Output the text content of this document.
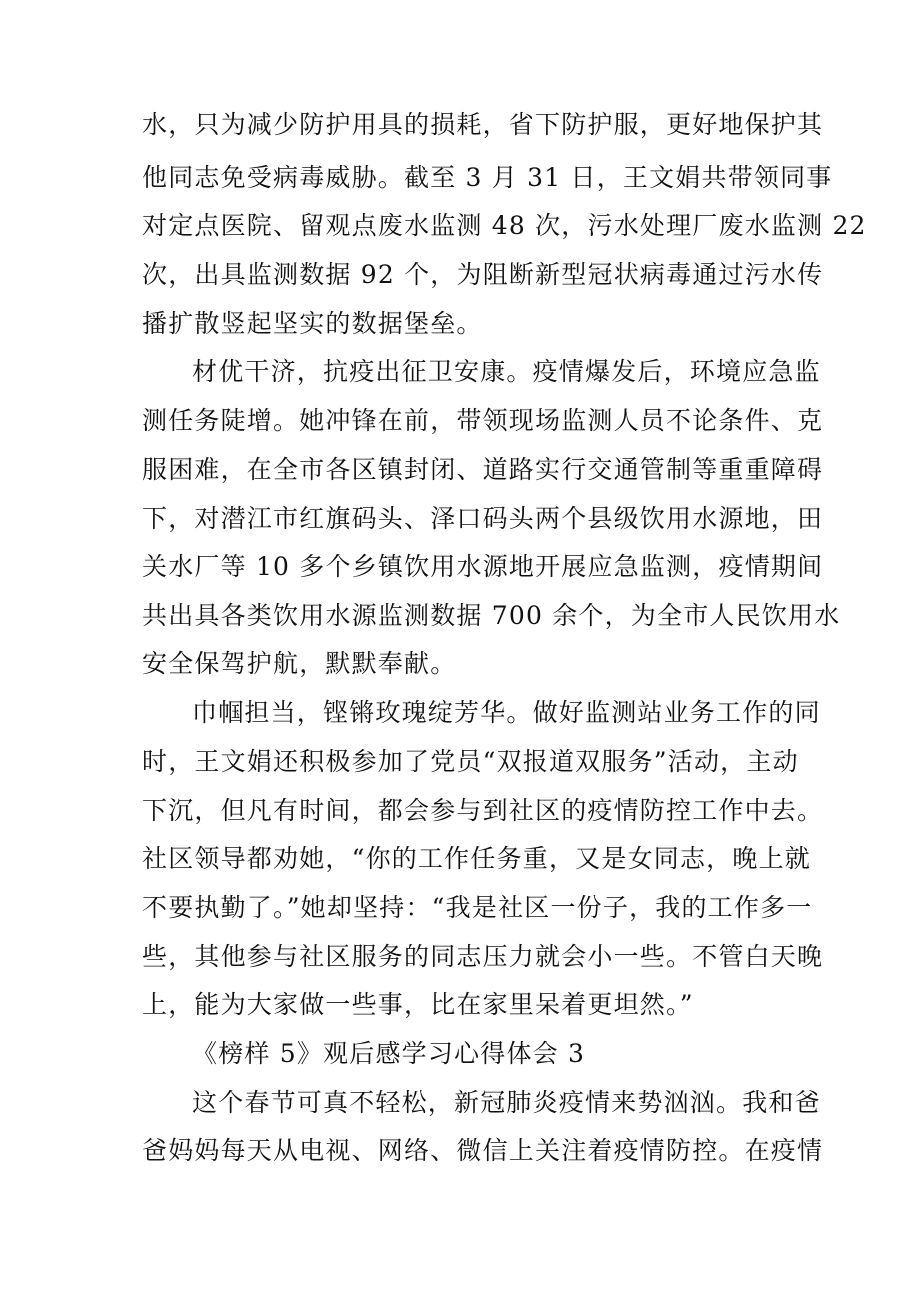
水，只为减少防护用具的损耗，省下防护服，更好地保护其
他同志免受病毒威胁。截至 3 月 31 日，王文娟共带领同事
对定点医院、留观点废水监测 48 次，污水处理厂废水监测 22
次，出具监测数据 92 个，为阻断新型冠状病毒通过污水传
播扩散竖起坚实的数据堡垒。
材优干济，抗疫出征卫安康。疫情爆发后，环境应急监
测任务陡增。她冲锋在前，带领现场监测人员不论条件、克
服困难，在全市各区镇封闭、道路实行交通管制等重重障碍
下，对潜江市红旗码头、泽口码头两个县级饮用水源地，田
关水厂等 10 多个乡镇饮用水源地开展应急监测，疫情期间
共出具各类饮用水源监测数据 700 余个，为全市人民饮用水
安全保驾护航，默默奉献。
巾帼担当，铿锵玫瑰绽芳华。做好监测站业务工作的同
时，王文娟还积极参加了党员“双报道双服务”活动，主动
下沉，但凡有时间，都会参与到社区的疫情防控工作中去。
社区领导都劝她，“你的工作任务重，又是女同志，晚上就
不要执勤了。”她却坚持：“我是社区一份子，我的工作多一
些，其他参与社区服务的同志压力就会小一些。不管白天晚
上，能为大家做一些事，比在家里呆着更坦然。”
《榜样 5》观后感学习心得体会 3
这个春节可真不轻松，新冠肺炎疫情来势汹汹。我和爸
爸妈妈每天从电视、网络、微信上关注着疫情防控。在疫情
